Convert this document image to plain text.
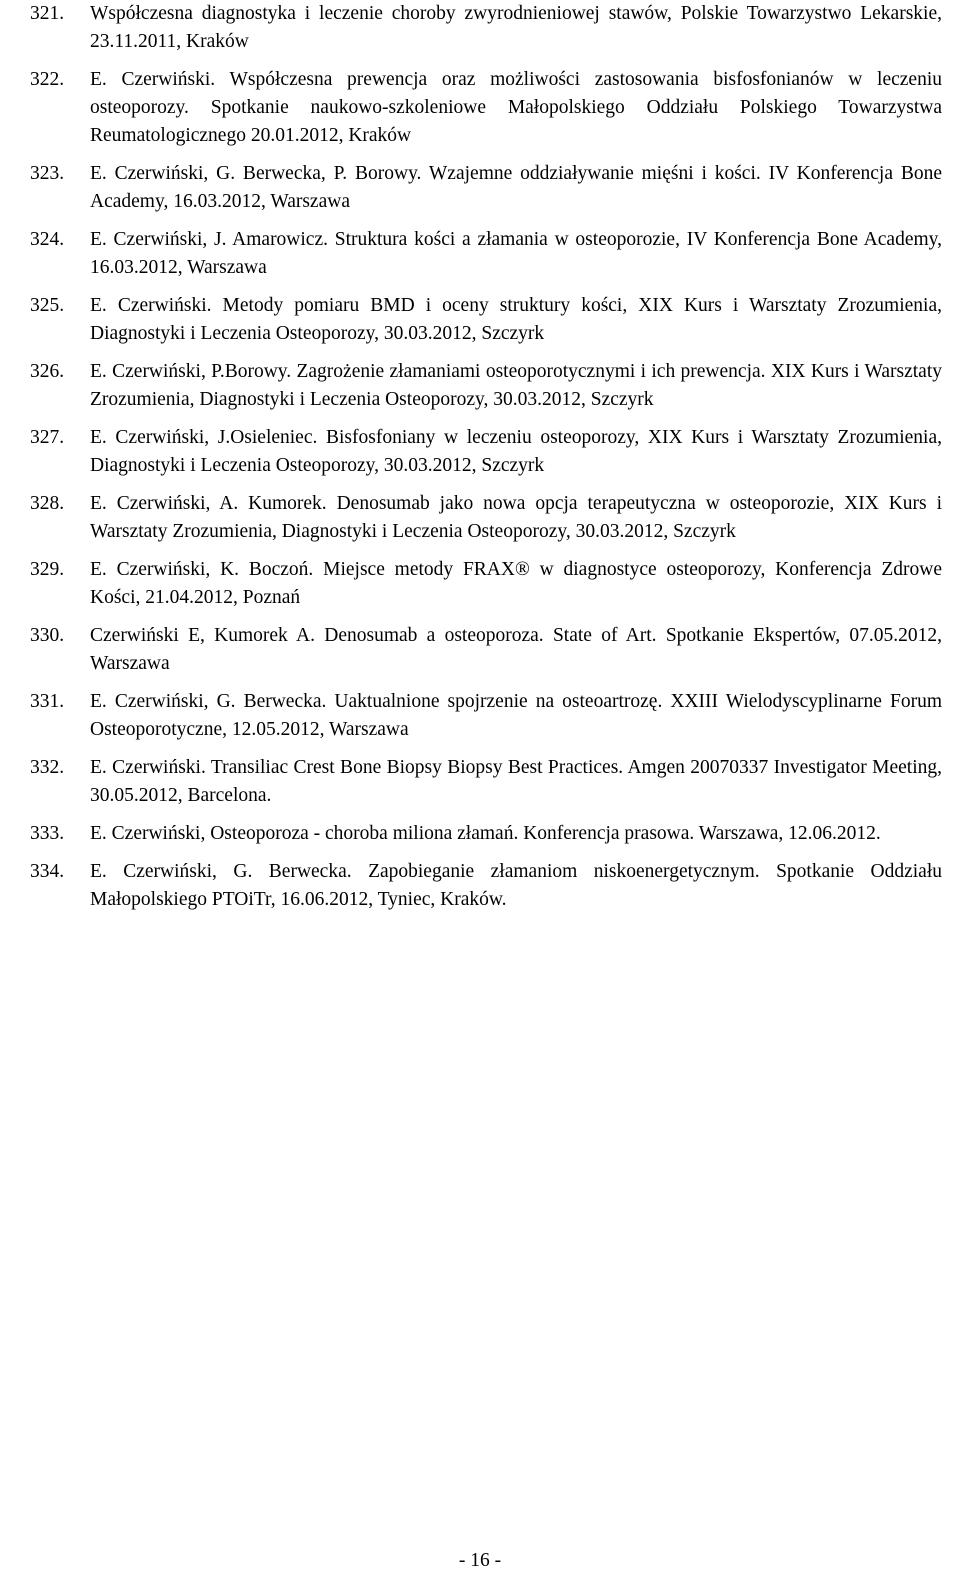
321.	Współczesna diagnostyka i leczenie choroby zwyrodnieniowej stawów, Polskie Towarzystwo Lekarskie, 23.11.2011, Kraków
322.	E. Czerwiński. Współczesna prewencja oraz możliwości zastosowania bisfosfonianów w leczeniu osteoporozy. Spotkanie naukowo-szkoleniowe Małopolskiego Oddziału Polskiego Towarzystwa Reumatologicznego 20.01.2012, Kraków
323.	E. Czerwiński, G. Berwecka, P. Borowy. Wzajemne oddziaływanie mięśni i kości. IV Konferencja Bone Academy, 16.03.2012, Warszawa
324.	E. Czerwiński, J. Amarowicz. Struktura kości a złamania w osteoporozie, IV Konferencja Bone Academy, 16.03.2012, Warszawa
325.	E. Czerwiński. Metody pomiaru BMD i oceny struktury kości, XIX Kurs i Warsztaty Zrozumienia, Diagnostyki i Leczenia Osteoporozy, 30.03.2012, Szczyrk
326.	E. Czerwiński, P.Borowy. Zagrożenie złamaniami osteoporotycznymi i ich prewencja. XIX Kurs i Warsztaty Zrozumienia, Diagnostyki i Leczenia Osteoporozy, 30.03.2012, Szczyrk
327.	E. Czerwiński, J.Osieleniec. Bisfosfoniany w leczeniu osteoporozy, XIX Kurs i Warsztaty Zrozumienia, Diagnostyki i Leczenia Osteoporozy, 30.03.2012, Szczyrk
328.	E. Czerwiński, A. Kumorek. Denosumab jako nowa opcja terapeutyczna w osteoporozie, XIX Kurs i Warsztaty Zrozumienia, Diagnostyki i Leczenia Osteoporozy, 30.03.2012, Szczyrk
329.	E. Czerwiński, K. Boczoń. Miejsce metody FRAX® w diagnostyce osteoporozy, Konferencja Zdrowe Kości, 21.04.2012, Poznań
330.	Czerwiński E, Kumorek A. Denosumab a osteoporoza. State of Art. Spotkanie Ekspertów, 07.05.2012, Warszawa
331.	E. Czerwiński, G. Berwecka. Uaktualnione spojrzenie na osteoartrozę. XXIII Wielodyscyplinarne Forum Osteoporotyczne, 12.05.2012, Warszawa
332.	E. Czerwiński. Transiliac Crest Bone Biopsy Biopsy Best Practices. Amgen 20070337 Investigator Meeting, 30.05.2012, Barcelona.
333.	E. Czerwiński, Osteoporoza - choroba miliona złamań. Konferencja prasowa. Warszawa, 12.06.2012.
334.	E. Czerwiński, G. Berwecka. Zapobieganie złamaniom niskoenergetycznym. Spotkanie Oddziału Małopolskiego PTOiTr, 16.06.2012, Tyniec, Kraków.
- 16 -
